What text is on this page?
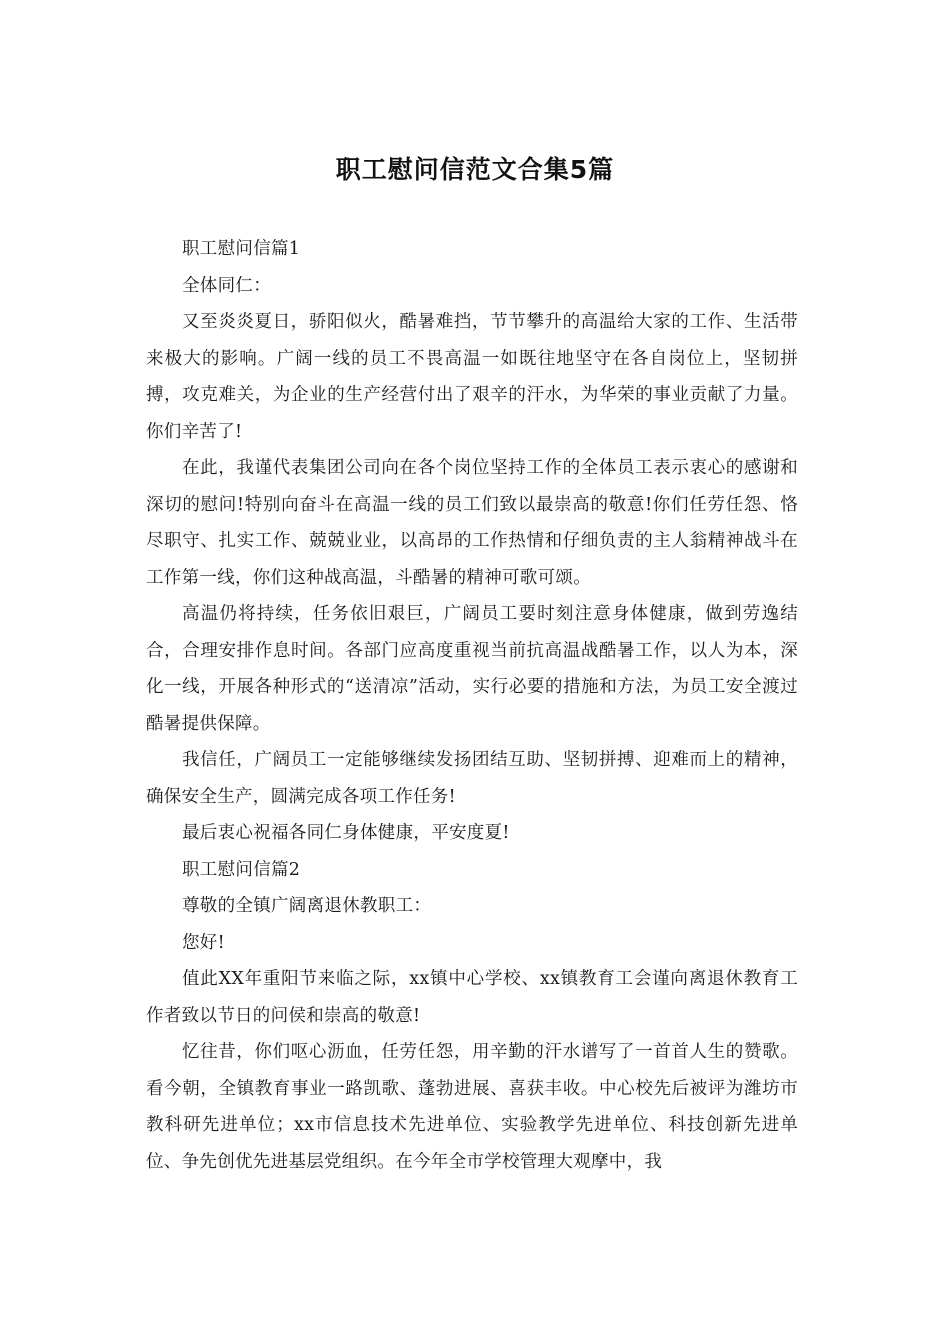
职工慰问信范文合集5篇

职工慰问信篇1

全体同仁：

又至炎炎夏日，骄阳似火，酷暑难挡，节节攀升的高温给大家的工作、生活带来极大的影响。广阔一线的员工不畏高温一如既往地坚守在各自岗位上，坚韧拼搏，攻克难关，为企业的生产经营付出了艰辛的汗水，为华荣的事业贡献了力量。你们辛苦了!

在此，我谨代表集团公司向在各个岗位坚持工作的全体员工表示衷心的感谢和深切的慰问!特别向奋斗在高温一线的员工们致以最崇高的敬意!你们任劳任怨、恪尽职守、扎实工作、兢兢业业，以高昂的工作热情和仔细负责的主人翁精神战斗在工作第一线，你们这种战高温，斗酷暑的精神可歌可颂。

高温仍将持续，任务依旧艰巨，广阔员工要时刻注意身体健康，做到劳逸结合，合理安排作息时间。各部门应高度重视当前抗高温战酷暑工作，以人为本，深化一线，开展各种形式的“送清凉”活动，实行必要的措施和方法，为员工安全渡过酷暑提供保障。

我信任，广阔员工一定能够继续发扬团结互助、坚韧拼搏、迎难而上的精神，确保安全生产，圆满完成各项工作任务!

最后衷心祝福各同仁身体健康，平安度夏!

职工慰问信篇2

尊敬的全镇广阔离退休教职工：

您好!

值此XX年重阳节来临之际，xx镇中心学校、xx镇教育工会谨向离退休教育工作者致以节日的问侯和崇高的敬意!

忆往昔，你们呕心沥血，任劳任怨，用辛勤的汗水谱写了一首首人生的赞歌。看今朝，全镇教育事业一路凯歌、蓬勃进展、喜获丰收。中心校先后被评为潍坊市教科研先进单位；xx市信息技术先进单位、实验教学先进单位、科技创新先进单位、争先创优先进基层党组织。在今年全市学校管理大观摩中，我
